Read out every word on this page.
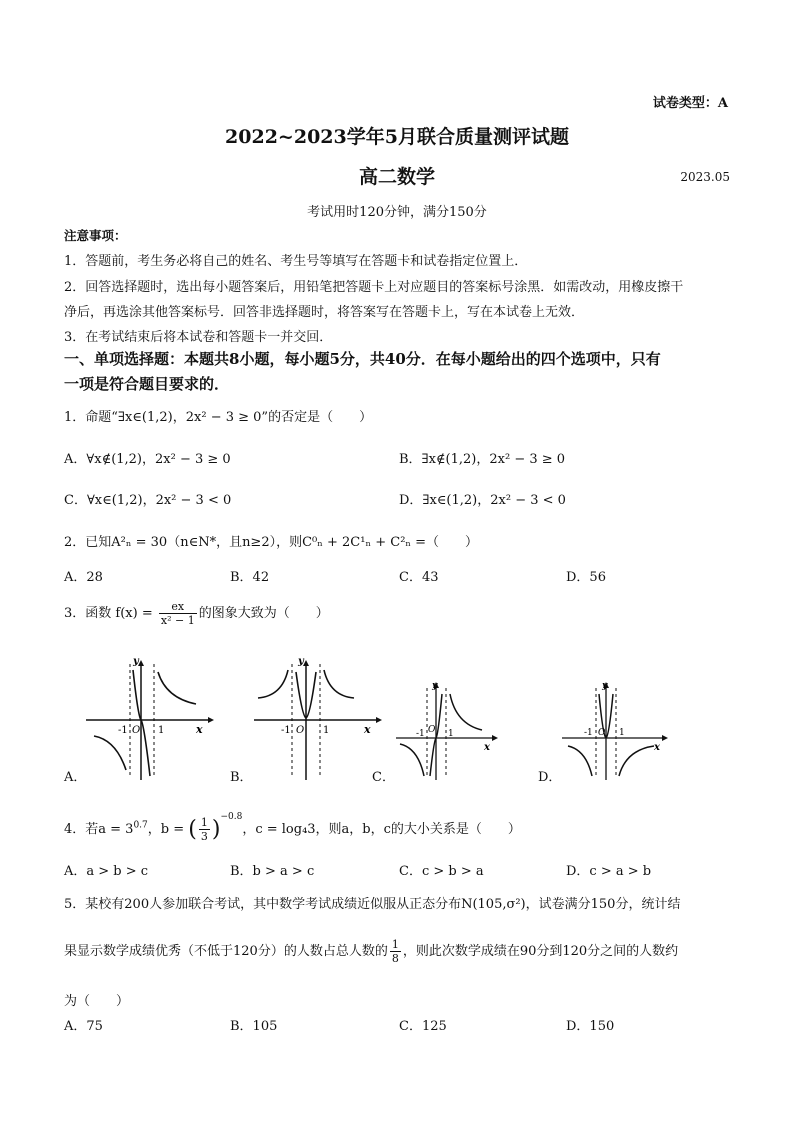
试卷类型：A
2022~2023学年5月联合质量测评试题
高二数学	2023.05
考试用时120分钟，满分150分
注意事项：
1．答题前，考生务必将自己的姓名、考生号等填写在答题卡和试卷指定位置上．
2．回答选择题时，选出每小题答案后，用铅笔把答题卡上对应题目的答案标号涂黑．如需改动，用橡皮擦干
净后，再选涂其他答案标号．回答非选择题时，将答案写在答题卡上，写在本试卷上无效．
3．在考试结束后将本试卷和答题卡一并交回．
一、单项选择题：本题共8小题，每小题5分，共40分．在每小题给出的四个选项中，只有
一项是符合题目要求的．
1．命题“∃x∈(1,2)，2x² − 3 ≥ 0”的否定是（　　）
A．∀x∉(1,2)，2x² − 3 ≥ 0	B．∃x∉(1,2)，2x² − 3 ≥ 0
C．∀x∈(1,2)，2x² − 3 < 0	D．∃x∈(1,2)，2x² − 3 < 0
2．已知A²ₙ = 30（n∈N*，且n≥2），则C⁰ₙ + 2C¹ₙ + C²ₙ =（　　）
A．28	B．42	C．43	D．56
3．函数 $f(x) = \frac{ex}{\text{x² − 1}}$ 的图象大致为（　　）
A．
y
x
-1 O 1
B．
y
x
-1 O 1
C．
y
x
-1 O 1
D．
y
x
-1 O 1
4．若$a = 3^{0.7}$，b = ( $\frac{1}{3} )^{-0.8}$，c = log₄3，则a，b，c的大小关系是（　　）
A．a > b > c	B．b > a > c	C．c > b > a	D．c > a > b
5．某校有200人参加联合考试，其中数学考试成绩近似服从正态分布N(105,σ²)，试卷满分150分，统计结
果显示数学成绩优秀（不低于120分）的人数占总人数的 $\frac{1}{8}$ ，则此次数学成绩在90分到120分之间的人数约
为（　　）
A．75	B．105	C．125	D．150
